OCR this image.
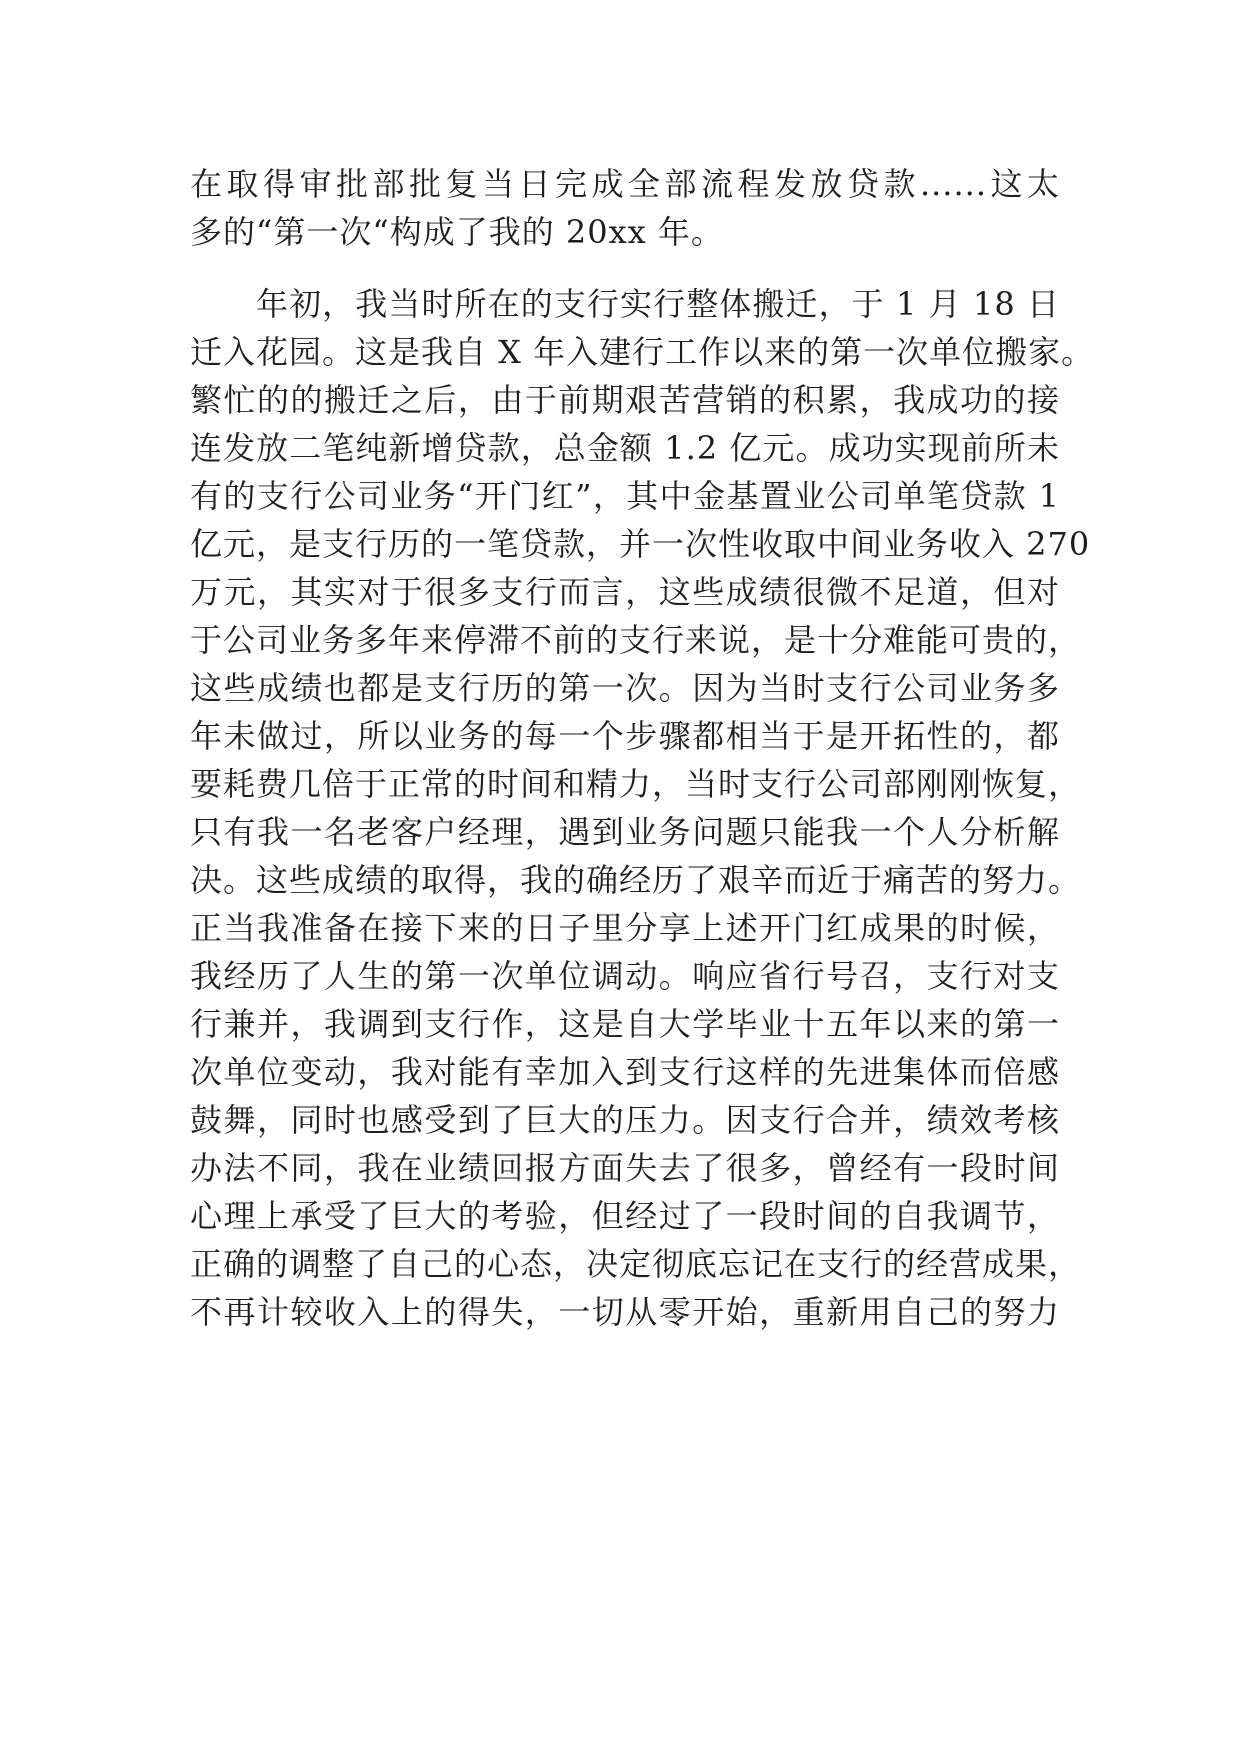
在取得审批部批复当日完成全部流程发放贷款......这太
多的“第一次“构成了我的 20xx 年。
年初，我当时所在的支行实行整体搬迁，于 1 月 18 日
迁入花园。这是我自 X 年入建行工作以来的第一次单位搬家。
繁忙的的搬迁之后，由于前期艰苦营销的积累，我成功的接
连发放二笔纯新增贷款，总金额 1.2 亿元。成功实现前所未
有的支行公司业务“开门红”，其中金基置业公司单笔贷款 1
亿元，是支行历的一笔贷款，并一次性收取中间业务收入 270
万元，其实对于很多支行而言，这些成绩很微不足道，但对
于公司业务多年来停滞不前的支行来说，是十分难能可贵的，
这些成绩也都是支行历的第一次。因为当时支行公司业务多
年未做过，所以业务的每一个步骤都相当于是开拓性的，都
要耗费几倍于正常的时间和精力，当时支行公司部刚刚恢复，
只有我一名老客户经理，遇到业务问题只能我一个人分析解
决。这些成绩的取得，我的确经历了艰辛而近于痛苦的努力。
正当我准备在接下来的日子里分享上述开门红成果的时候，
我经历了人生的第一次单位调动。响应省行号召，支行对支
行兼并，我调到支行作，这是自大学毕业十五年以来的第一
次单位变动，我对能有幸加入到支行这样的先进集体而倍感
鼓舞，同时也感受到了巨大的压力。因支行合并，绩效考核
办法不同，我在业绩回报方面失去了很多，曾经有一段时间
心理上承受了巨大的考验，但经过了一段时间的自我调节，
正确的调整了自己的心态，决定彻底忘记在支行的经营成果，
不再计较收入上的得失，一切从零开始，重新用自己的努力
